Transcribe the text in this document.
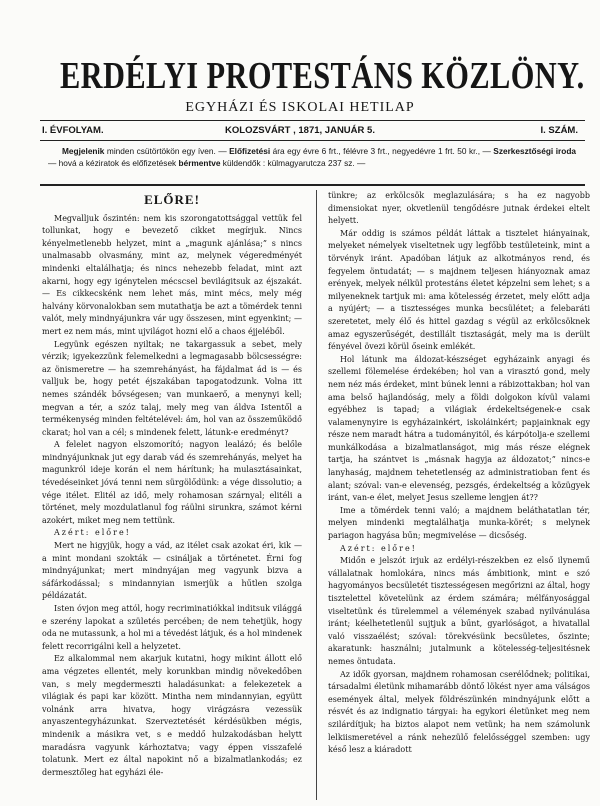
ERDÉLYI PROTESTÁNS KÖZLÖNY.
EGYHÁZI ÉS ISKOLAI HETILAP
I. ÉVFOLYAM.	KOLOZSVÁRT , 1871, JANUÁR 5.	I. SZÁM.
Megjelenik minden csütörtökön egy íven. — Előfizetési ára egy évre 6 frt., félévre 3 frt., negyedévre 1 frt. 50 kr., — Szerkesztőségi iroda — hová a kéziratok és előfizetések bérmentve küldendők : külmagyarutcza 237 sz. —
ELŐRE!

Megvalljuk őszintén: nem kis szorongatottsággal vettük fel tollunkat, hogy e bevezető cikket megírjuk. Nincs kényelmetlenebb helyzet, mint a „magunk ajánlása;” s nincs unalmasabb olvasmány, mint az, melynek végeredményét mindenki eltalálhatja; és nincs nehezebb feladat, mint azt akarni, hogy egy igénytelen mécscsel bevilágitsuk az éjszakát. — Es cikkecskénk nem lehet más, mint mécs, mely még halvány körvonalokban sem mutathatja be azt a tömérdek tenni valót, mely mindnyájunkra vár ugy összesen, mint egyenkint; — mert ez nem más, mint ujvilágot hozni elő a chaos éjjeléből.

Legyünk egészen nyiltak; ne takargassuk a sebet, mely vérzik; igyekezzünk felemelkedni a legmagasabb bölcsességre: az önismeretre — ha szemrehányást, ha fájdalmat ád is — és valljuk be, hogy petét éjszakában tapogatodzunk. Volna itt nemes szándék bővségesen; van munkaerő, a menynyi kell; megvan a tér, a szóz talaj, mely meg van áldva Istentől a termékenység minden feltételével: ám, hol van az összeműködő ckarat; hol van a cél; s mindenek felett, látunk-e eredményt?

A felelet nagyon elszomorító; nagyon lealázó; és belőle mindnyájunknak jut egy darab vád és szemrehányás, melyet ha magunkról ideje korán el nem hárítunk; ha mulasztásainkat, tévedéseinket jóvá tenni nem sürgölődünk: a vége dissolutio; a vége itélet. Elitél az idő, mely rohamosan szárnyal; elitéli a történet, mely mozdulatlanul fog ráülni sirunkra, számot kérni azokért, miket meg nem tettünk.

Azért: előre!

Mert ne higyjük, hogy a vád, az itélet csak azokat éri, kik — a mint mondani szokták — csináljak a történetet. Érni fog mindnyájunkat; mert mindnyájan meg vagyunk bizva a sáfárkodással; s mindannyian ismerjük a hűtlen szolga példázatát.

Isten óvjon meg attól, hogy recriminatiókkal inditsuk világgá e szerény lapokat a születés percében; de nem tehetjük, hogy oda ne mutassunk, a hol mi a tévedést látjuk, és a hol mindenek felett recorrigálni kell a helyzetet.

Ez alkalommal nem akarjuk kutatni, hogy mikint állott elő ama végzetes ellentét, mely korunkban mindig növekedőben van, s mely megdermeszti haladásunkat: a felekezetek a világiak és papi kar között. Mintha nem mindannyian, együtt volnánk arra hivatva, hogy virágzásra vezessük anyaszentegyházunkat. Szerveztetését kérdésükben mégis, mindenik a másikra vet, s e meddő hulzakodásban helytt maradásra vagyunk kárhoztatva; vagy éppen visszafelé tolatunk. Mert ez által napokint nő a bizalmatlankodás; ez dermesztőleg hat egyházi éle-

tünkre; az erkölcsök meglazulására; s ha ez nagyobb dimensiokat nyer, okvetlenül tengődésre jutnak érdekei eltelt helyett.

Már oddig is számos példát láttak a tisztelet hiányainak, melyeket némelyek viseltetnek ugy legfőbb testületeink, mint a törvényk iránt. Apadóban látjuk az alkotmányos rend, és fegyelem öntudatát; — s majdnem teljesen hiányoznak amaz erények, melyek nélkül protestáns életet képzelni sem lehet; s a milyeneknek tartjuk mi: ama kötelesség érzetet, mely előtt adja a nyújért; — a tisztességes munka becsülétet; a felebaráti szeretetet, mely élő és hittel gazdag s végül az erkölcsöknek amaz egyszerűségét, destillált tisztaságát, mely ma is derült fényével övezi körül őseink emlékét.

Hol látunk ma áldozat-készséget egyházaink anyagi és szellemi fölemelése érdekében; hol van a virasztó gond, mely nem néz más érdeket, mint búnek lenni a rábizottakban; hol van ama belső hajlandóság, mely a földi dolgokon kívül valami egyébhez is tapad; a világiak érdekeltségenek-e csak valamenynyire is egyházainkért, iskoláinkért; papjainknak egy része nem maradt hátra a tudományitól, és kárpótolja-e szellemi munkálkodása a bizalmatlanságot, mig más része elégnek tartja, ha szántvet is „másnak hagyja az áldozatot;” nincs-e lanyhaság, majdnem tehetetlenség az administratioban fent és alant; szóval: van-e elevenség, pezsgés, érdekeltség a közügyek iránt, van-e élet, melyet Jesus szelleme lengjen át??

Ime a tömérdek tenni való; a majdnem beláthatatlan tér, melyen mindenki megtalálhatja munka-körét; s melynek pariagon hagyása bűn; megmivelése — dicsőség.

Azért: előre!

Midőn e jelszót irjuk az erdélyi-részekben ez első ilynemű vállalatnak homlokára, nincs más ámbitionk, mint e szó hagyományos becsületét tisztességesen megőrizni az által, hogy tisztelettel követelünk az érdem számára; mélfányosággal viseltetünk és türelemmel a vélemények szabad nyilvánulása iránt; kéelhetetlenül sujtjuk a bűnt, gyarlóságot, a hivatallal való visszaélést; szóval: törekvésünk becsületes, őszinte; akaratunk: használni; jutalmunk a kötelesség-teljesitésnek nemes öntudata.

Az idők gyorsan, majdnem rohamosan cserélődnek; politikai, társadalmi életünk mihamarább döntő lökést nyer ama válságos események által, melyek földrészünkén mindnyájunk előtt a résvét és az indignatio tárgyai: ha egykori életünket meg nem szilárdítjuk; ha biztos alapot nem vetünk; ha nem számolunk lelkiismeretével a ránk nehezülő felelősséggel szemben: ugy késő lesz a kiáradott
